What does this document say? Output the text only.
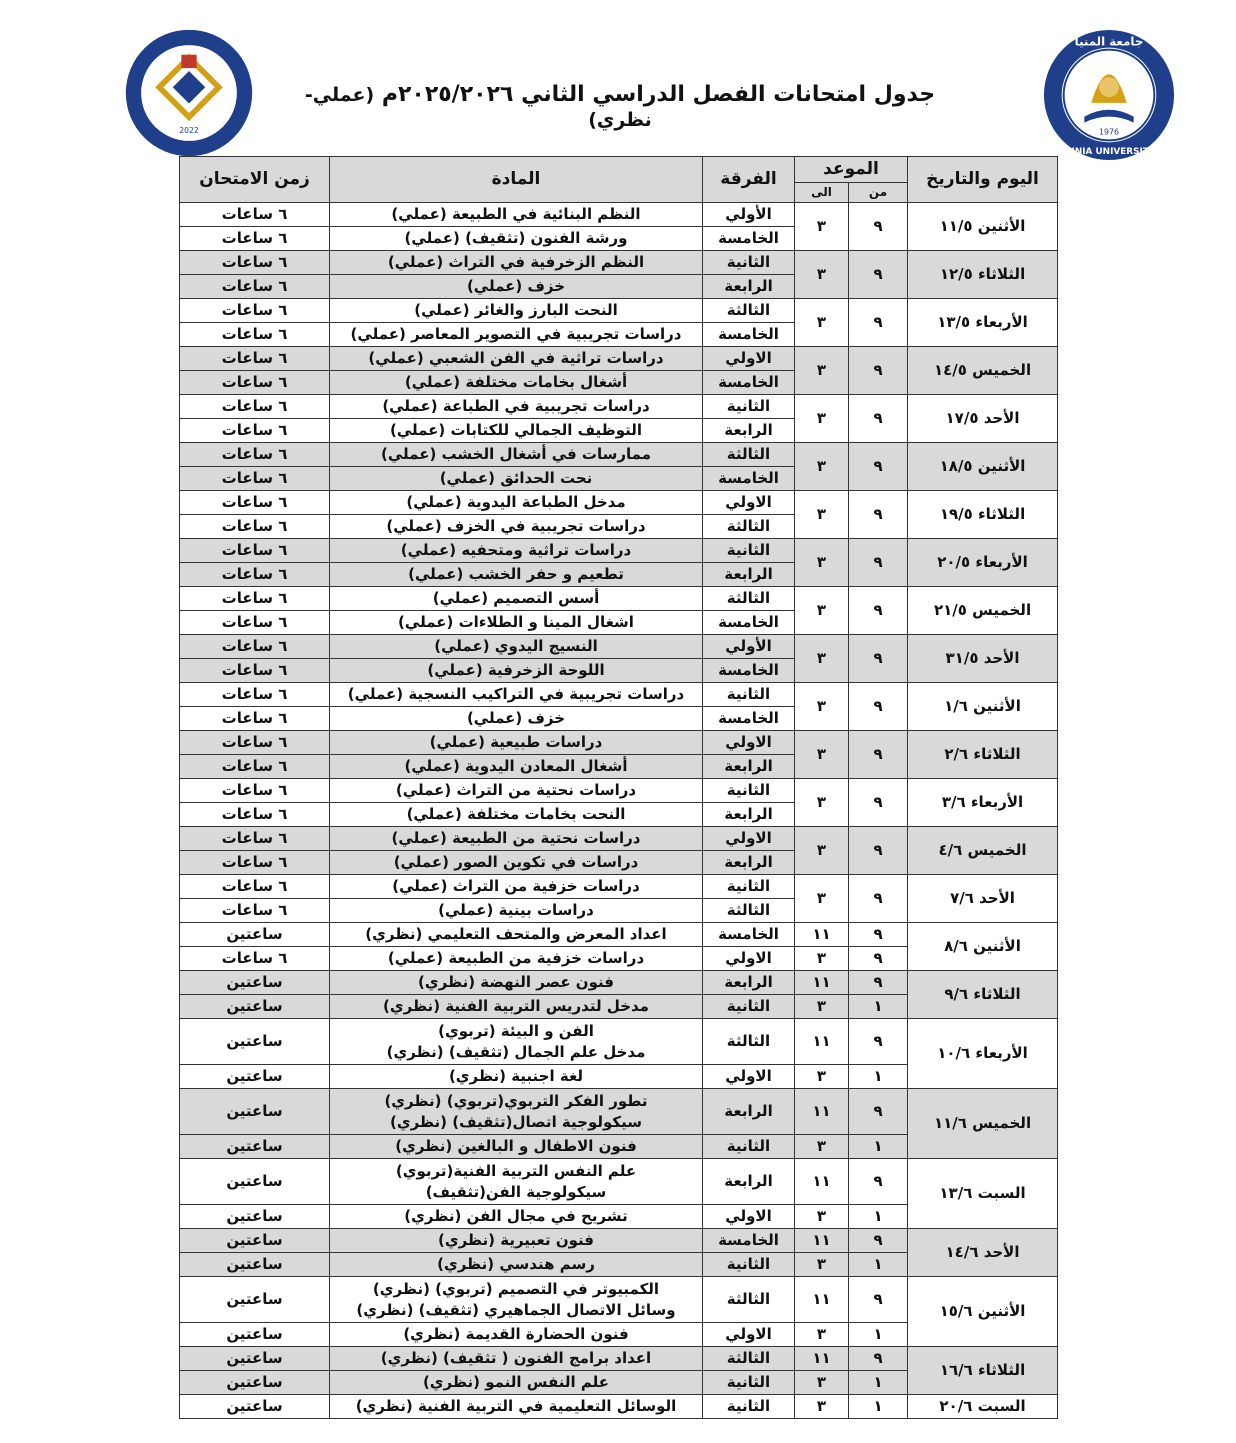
1976
جامعة المنيا
MINIA UNIVERSITY
2022
جدول امتحانات الفصل الدراسي الثاني ٢٠٢٥/٢٠٢٦م (عملي- نظري)
اليوم والتاريخ	الموعد		الفرقة	المادة	زمن الامتحان
	من	الى			
الأثنين ١١/٥	٩	٣	الأولي	النظم البنائية في الطبيعة (عملي)	٦ ساعات
			الخامسة	ورشة الفنون (تثقيف) (عملي)	٦ ساعات
الثلاثاء ١٢/٥	٩	٣	الثانية	النظم الزخرفية في التراث (عملي)	٦ ساعات
			الرابعة	خزف (عملي)	٦ ساعات
الأربعاء ١٣/٥	٩	٣	الثالثة	النحت البارز والغائر (عملي)	٦ ساعات
			الخامسة	دراسات تجريبية في التصوير المعاصر (عملي)	٦ ساعات
الخميس ١٤/٥	٩	٣	الاولي	دراسات تراثية في الفن الشعبي (عملي)	٦ ساعات
			الخامسة	أشغال بخامات مختلفة (عملي)	٦ ساعات
الأحد ١٧/٥	٩	٣	الثانية	دراسات تجريبية في الطباعة (عملي)	٦ ساعات
			الرابعة	التوظيف الجمالي للكتابات (عملي)	٦ ساعات
الأثنين ١٨/٥	٩	٣	الثالثة	ممارسات في أشغال الخشب (عملي)	٦ ساعات
			الخامسة	نحت الحدائق (عملي)	٦ ساعات
الثلاثاء ١٩/٥	٩	٣	الاولي	مدخل الطباعة اليدوية (عملي)	٦ ساعات
			الثالثة	دراسات تجريبية في الخزف (عملي)	٦ ساعات
الأربعاء ٢٠/٥	٩	٣	الثانية	دراسات تراثية ومتحفيه (عملي)	٦ ساعات
			الرابعة	تطعيم و حفر الخشب (عملي)	٦ ساعات
الخميس ٢١/٥	٩	٣	الثالثة	أسس التصميم (عملي)	٦ ساعات
			الخامسة	اشغال المينا و الطلاءات (عملي)	٦ ساعات
الأحد ٣١/٥	٩	٣	الأولي	النسيج اليدوي (عملي)	٦ ساعات
			الخامسة	اللوحة الزخرفية (عملي)	٦ ساعات
الأثنين ١/٦	٩	٣	الثانية	دراسات تجريبية في التراكيب النسجية (عملي)	٦ ساعات
			الخامسة	خزف (عملي)	٦ ساعات
الثلاثاء ٢/٦	٩	٣	الاولي	دراسات طبيعية (عملي)	٦ ساعات
			الرابعة	أشغال المعادن اليدوية (عملي)	٦ ساعات
الأربعاء ٣/٦	٩	٣	الثانية	دراسات نحتية من التراث (عملي)	٦ ساعات
			الرابعة	النحت بخامات مختلفة (عملي)	٦ ساعات
الخميس ٤/٦	٩	٣	الاولي	دراسات نحتية من الطبيعة (عملي)	٦ ساعات
			الرابعة	دراسات في تكوين الصور (عملي)	٦ ساعات
الأحد ٧/٦	٩	٣	الثانية	دراسات خزفية من التراث (عملي)	٦ ساعات
			الثالثة	دراسات بينية (عملي)	٦ ساعات
الأثنين ٨/٦	٩	١١	الخامسة	اعداد المعرض والمتحف التعليمي (نظري)	ساعتين
	٩	٣	الاولي	دراسات خزفية من الطبيعة (عملي)	٦ ساعات
الثلاثاء ٩/٦	٩	١١	الرابعة	فنون عصر النهضة (نظري)	ساعتين
	١	٣	الثانية	مدخل لتدريس التربية الفنية (نظري)	ساعتين
الأربعاء ١٠/٦	٩	١١	الثالثة	الفن و البيئة (تربوي)
مدخل علم الجمال (تثقيف) (نظري)	ساعتين
	١	٣	الاولي	لغة اجنبية (نظري)	ساعتين
الخميس ١١/٦	٩	١١	الرابعة	تطور الفكر التربوي(تربوي) (نظري)
سيكولوجية اتصال(تثقيف) (نظري)	ساعتين
	١	٣	الثانية	فنون الاطفال و البالغين (نظري)	ساعتين
السبت ١٣/٦	٩	١١	الرابعة	علم النفس التربية الفنية(تربوي)
سيكولوجية الفن(تثقيف)	ساعتين
	١	٣	الاولي	تشريح في مجال الفن (نظري)	ساعتين
الأحد ١٤/٦	٩	١١	الخامسة	فنون تعبيرية (نظري)	ساعتين
	١	٣	الثانية	رسم هندسي (نظري)	ساعتين
الأثنين ١٥/٦	٩	١١	الثالثة	الكمبيوتر في التصميم (تربوي) (نظري)
وسائل الاتصال الجماهيري (تثقيف) (نظري)	ساعتين
	١	٣	الاولي	فنون الحضارة القديمة (نظري)	ساعتين
الثلاثاء ١٦/٦	٩	١١	الثالثة	اعداد برامج الفنون ( تثقيف) (نظري)	ساعتين
	١	٣	الثانية	علم النفس النمو (نظري)	ساعتين
السبت ٢٠/٦	١	٣	الثانية	الوسائل التعليمية في التربية الفنية (نظري)	ساعتين
